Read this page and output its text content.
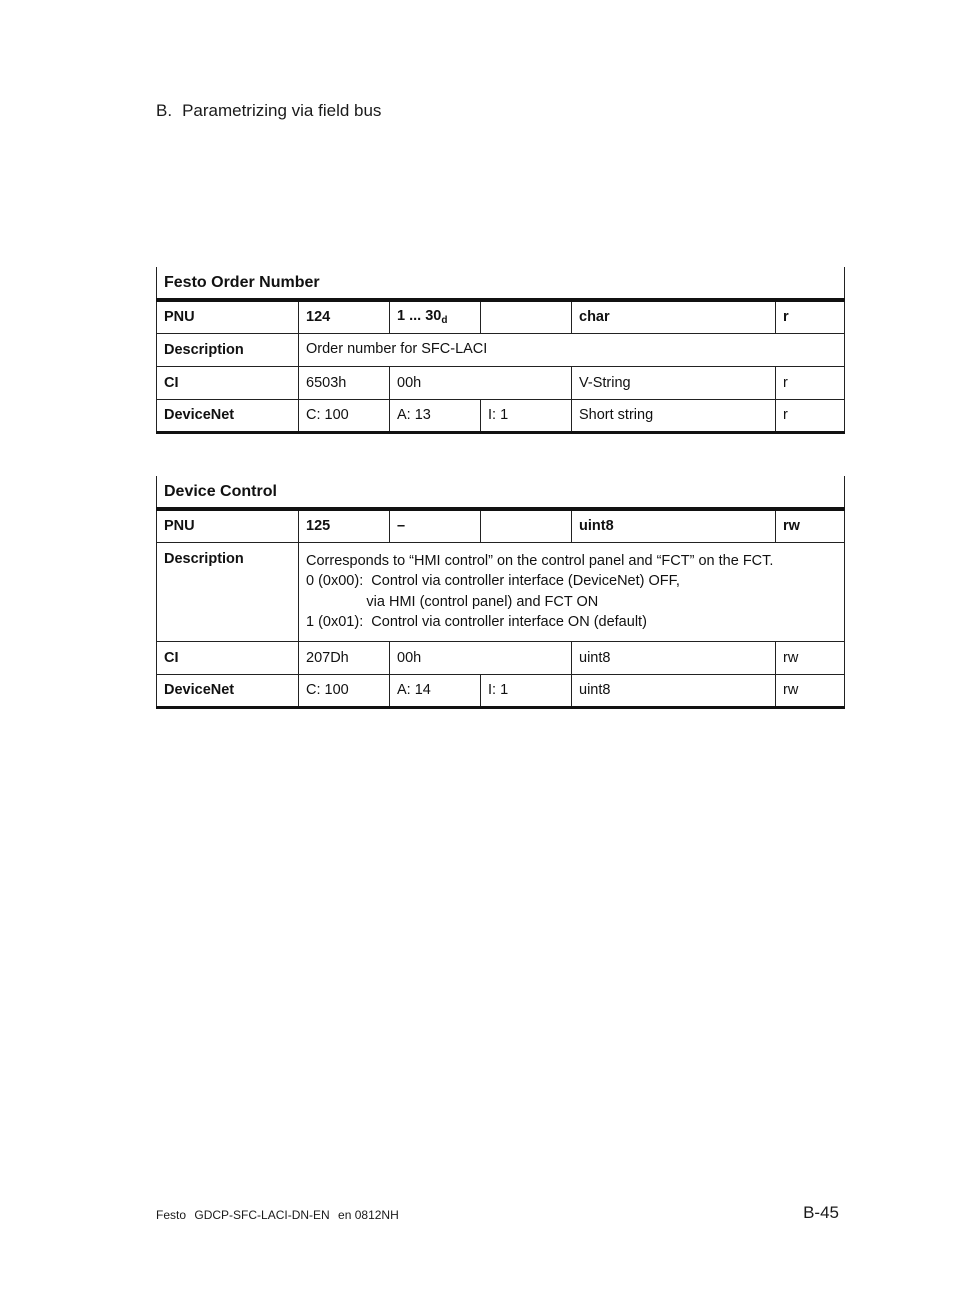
B. Parametrizing via field bus
Festo Order Number					
PNU	124	1 ... $30_d$		char	r
Description	Order number for SFC-LACI				

CI	6503h	00h		V-String	r
DeviceNet	C: 100	A: 13	I: 1	Short string	r
Device Control					
PNU	125	–		uint8	rw
Description	Corresponds to “HMI control” on the control panel and “FCT” on the FCT.
0 (0x00):  Control via controller interface (DeviceNet) OFF,
via HMI (control panel) and FCT ON
1 (0x01):  Control via controller interface ON (default)				

CI	207Dh	00h		uint8	rw
DeviceNet	C: 100	A: 14	I: 1	uint8	rw
Festo GDCP-SFC-LACI-DN-EN en 0812NH	B-45
